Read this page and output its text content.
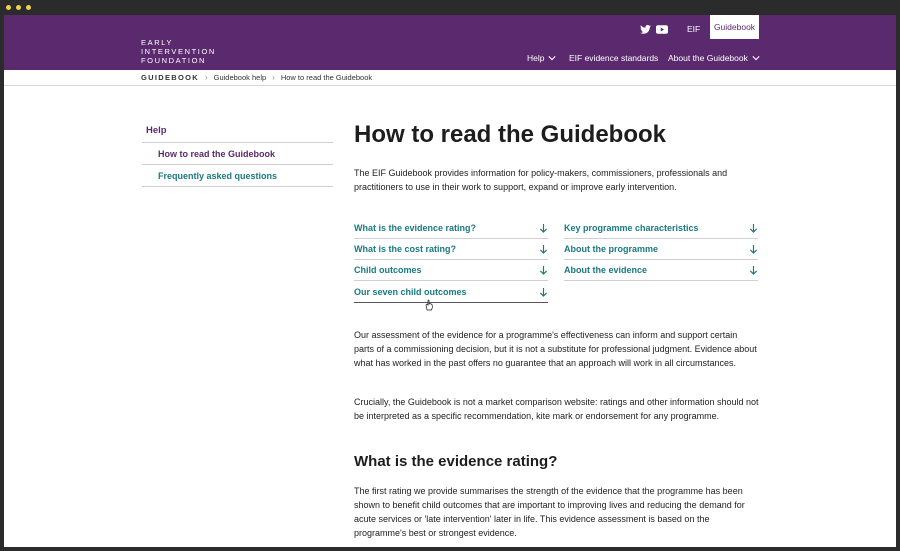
EARLY
INTERVENTION
FOUNDATION
EIF	Guidebook
Help	EIF evidence standards About the Guidebook
GUIDEBOOK › Guidebook help › How to read the Guidebook
Help
How to read the Guidebook
Frequently asked questions
How to read the Guidebook

The EIF Guidebook provides information for policy-makers, commissioners, professionals and practitioners to use in their work to support, expand or improve early intervention.

What is the evidence rating?
What is the cost rating?
Child outcomes
Our seven child outcomes
Key programme characteristics
About the programme
About the evidence

Our assessment of the evidence for a programme's effectiveness can inform and support certain parts of a commissioning decision, but it is not a substitute for professional judgment. Evidence about what has worked in the past offers no guarantee that an approach will work in all circumstances.

Crucially, the Guidebook is not a market comparison website: ratings and other information should not be interpreted as a specific recommendation, kite mark or endorsement for any programme.

What is the evidence rating?

The first rating we provide summarises the strength of the evidence that the programme has been shown to benefit child outcomes that are important to improving lives and reducing the demand for acute services or 'late intervention' later in life. This evidence assessment is based on the programme's best or strongest evidence.
